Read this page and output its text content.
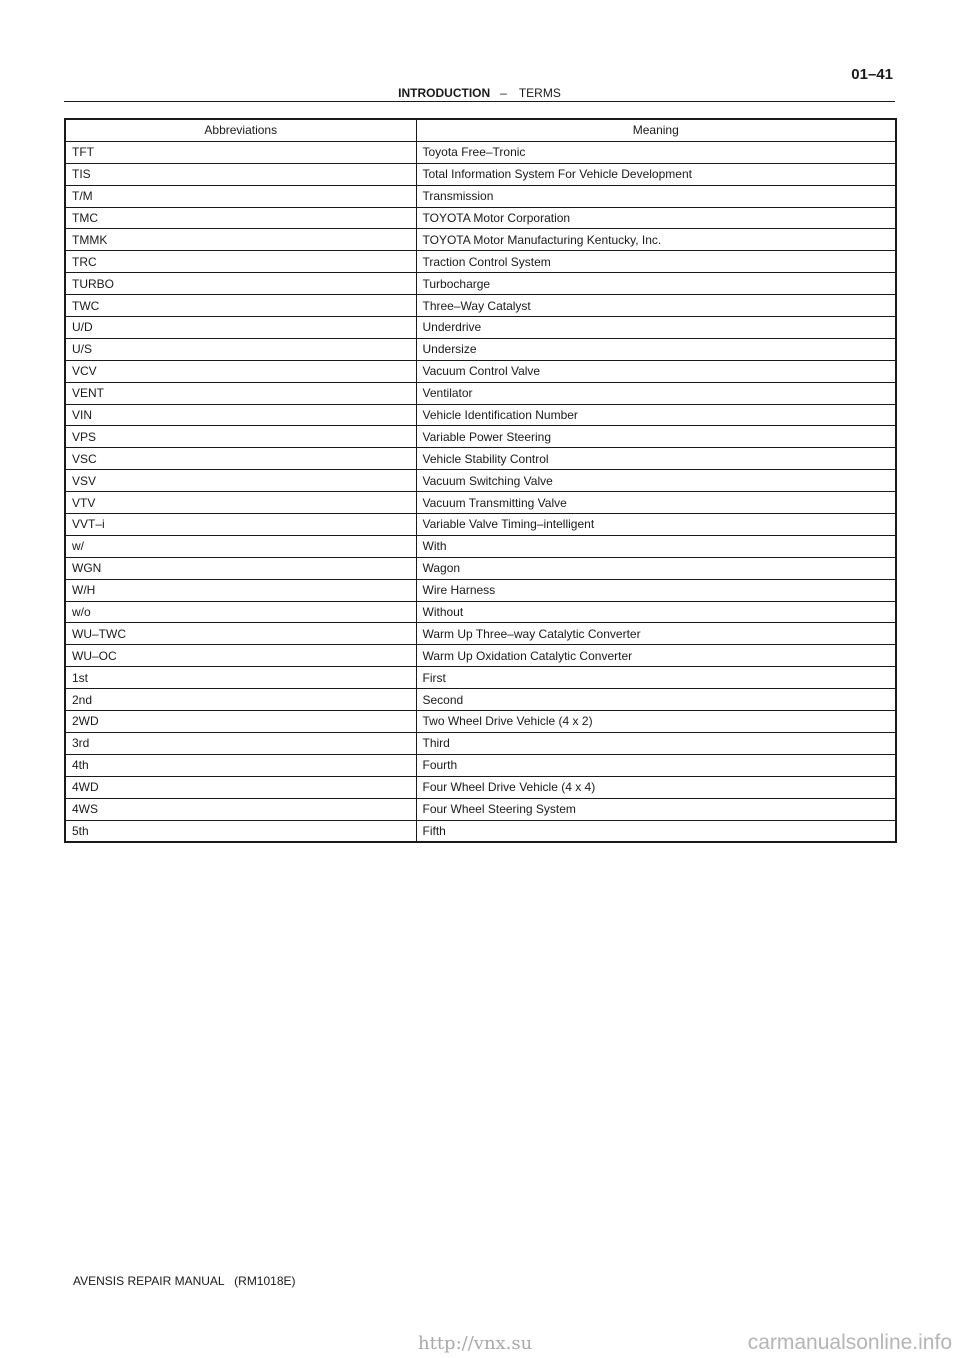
INTRODUCTION – TERMS
01–41
Abbreviations	Meaning
TFT	Toyota Free–Tronic
TIS	Total Information System For Vehicle Development
T/M	Transmission
TMC	TOYOTA Motor Corporation
TMMK	TOYOTA Motor Manufacturing Kentucky, Inc.
TRC	Traction Control System
TURBO	Turbocharge
TWC	Three–Way Catalyst
U/D	Underdrive
U/S	Undersize
VCV	Vacuum Control Valve
VENT	Ventilator
VIN	Vehicle Identification Number
VPS	Variable Power Steering
VSC	Vehicle Stability Control
VSV	Vacuum Switching Valve
VTV	Vacuum Transmitting Valve
VVT–i	Variable Valve Timing–intelligent
w/	With
WGN	Wagon
W/H	Wire Harness
w/o	Without
WU–TWC	Warm Up Three–way Catalytic Converter
WU–OC	Warm Up Oxidation Catalytic Converter
1st	First
2nd	Second
2WD	Two Wheel Drive Vehicle (4 x 2)
3rd	Third
4th	Fourth
4WD	Four Wheel Drive Vehicle (4 x 4)
4WS	Four Wheel Steering System
5th	Fifth
AVENSIS REPAIR MANUAL   (RM1018E)
http://vnx.su	carmanualsonline.info
